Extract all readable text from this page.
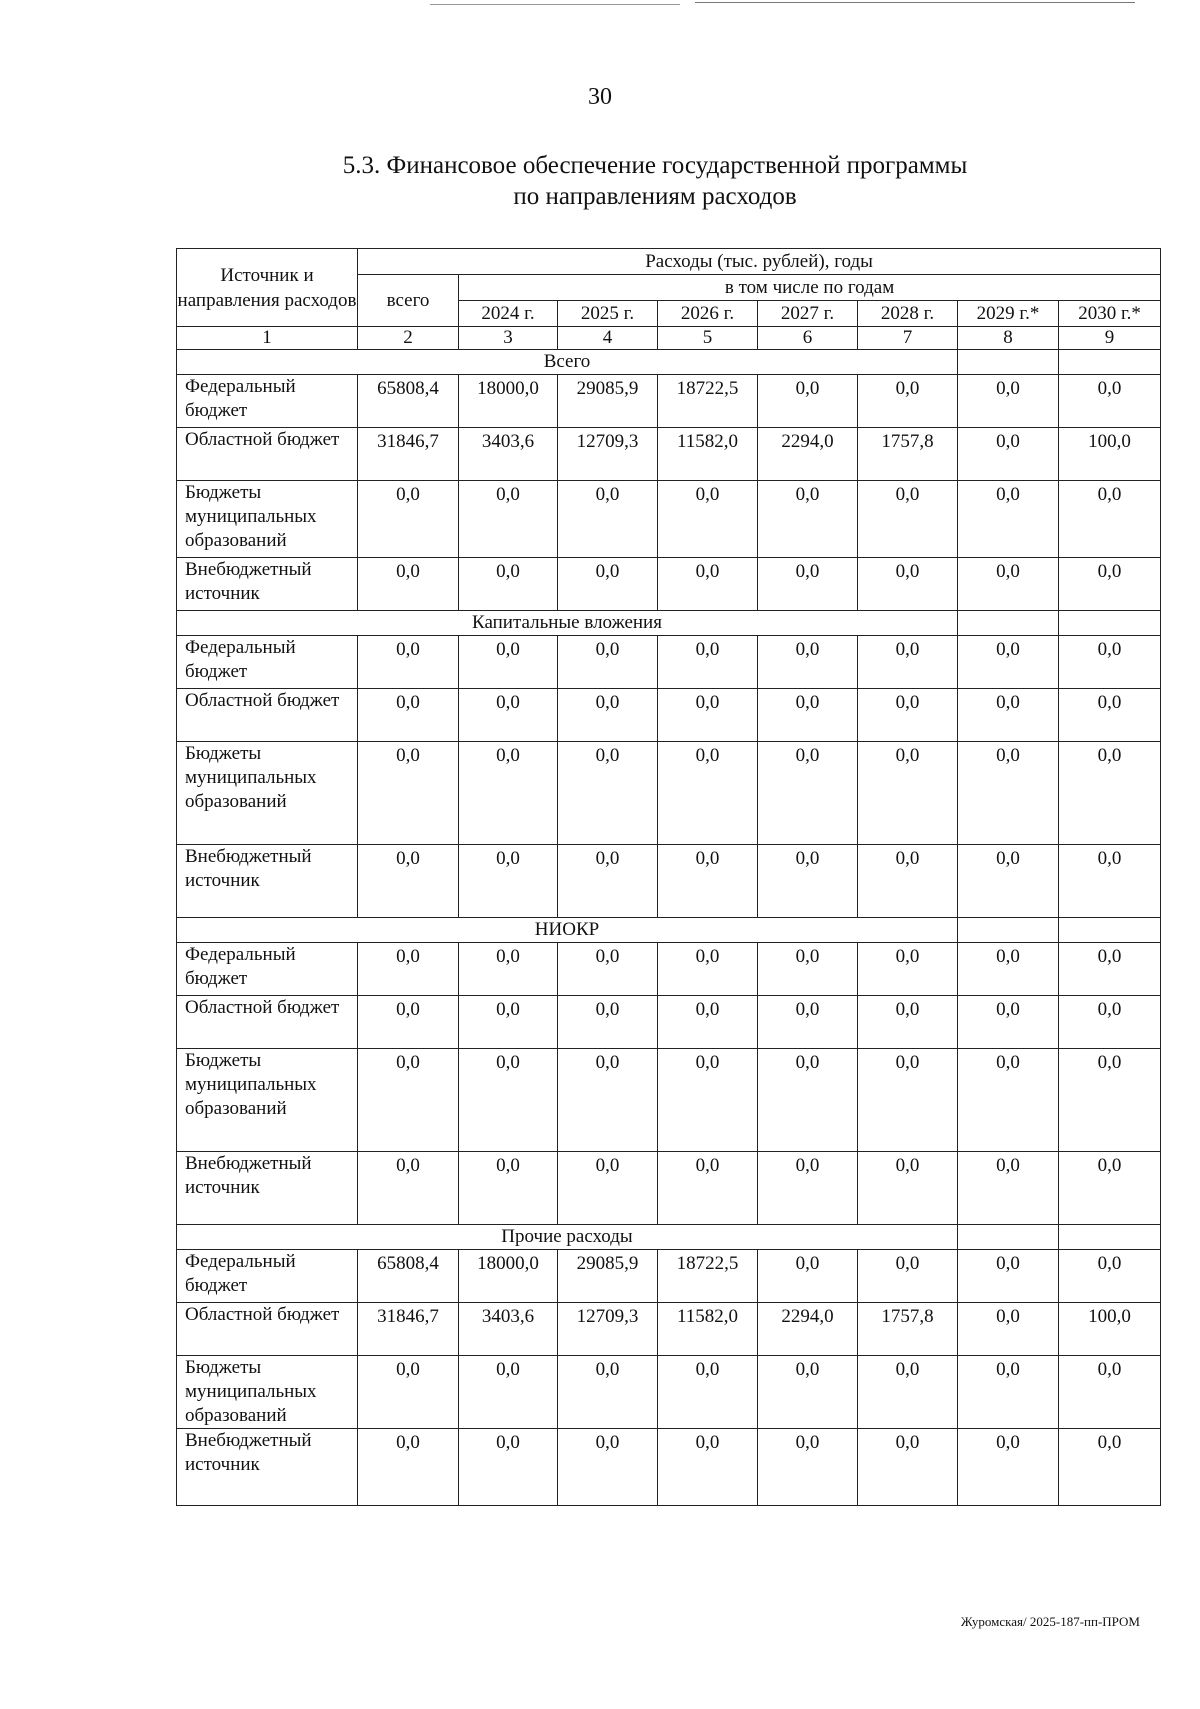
30
5.3. Финансовое обеспечение государственной программы
по направлениям расходов
Источник и направления расходов	Расходы (тыс. рублей), годы							
	всего	в том числе по годам						
		2024 г.	2025 г.	2026 г.	2027 г.	2028 г.	2029 г.*	2030 г.*
1	2	3	4	5	6	7	8	9
Всего								
Федеральный бюджет	65808,4	18000,0	29085,9	18722,5	0,0	0,0	0,0	0,0
Областной бюджет	31846,7	3403,6	12709,3	11582,0	2294,0	1757,8	0,0	100,0
Бюджеты муниципальных образований	0,0	0,0	0,0	0,0	0,0	0,0	0,0	0,0
Внебюджетный источник	0,0	0,0	0,0	0,0	0,0	0,0	0,0	0,0
Капитальные вложения								
Федеральный бюджет	0,0	0,0	0,0	0,0	0,0	0,0	0,0	0,0
Областной бюджет	0,0	0,0	0,0	0,0	0,0	0,0	0,0	0,0
Бюджеты муниципальных образований	0,0	0,0	0,0	0,0	0,0	0,0	0,0	0,0
Внебюджетный источник	0,0	0,0	0,0	0,0	0,0	0,0	0,0	0,0
НИОКР								
Федеральный бюджет	0,0	0,0	0,0	0,0	0,0	0,0	0,0	0,0
Областной бюджет	0,0	0,0	0,0	0,0	0,0	0,0	0,0	0,0
Бюджеты муниципальных образований	0,0	0,0	0,0	0,0	0,0	0,0	0,0	0,0
Внебюджетный источник	0,0	0,0	0,0	0,0	0,0	0,0	0,0	0,0
Прочие расходы								
Федеральный бюджет	65808,4	18000,0	29085,9	18722,5	0,0	0,0	0,0	0,0
Областной бюджет	31846,7	3403,6	12709,3	11582,0	2294,0	1757,8	0,0	100,0
Бюджеты муниципальных образований	0,0	0,0	0,0	0,0	0,0	0,0	0,0	0,0
Внебюджетный источник	0,0	0,0	0,0	0,0	0,0	0,0	0,0	0,0
Журомская/ 2025-187-пп-ПРОМ
